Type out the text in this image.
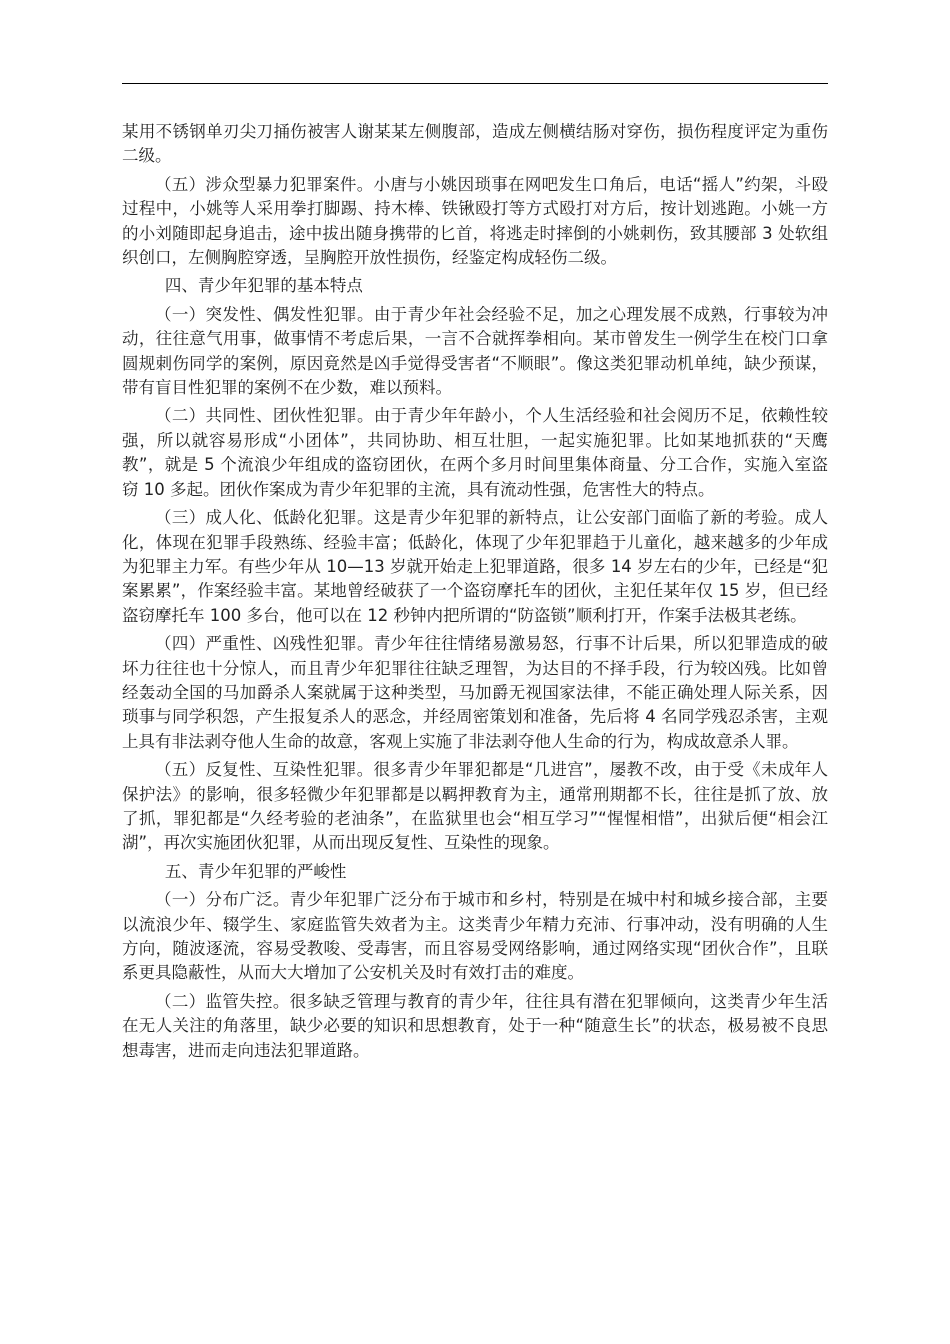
某用不锈钢单刃尖刀捅伤被害人谢某某左侧腹部，造成左侧横结肠对穿伤，损伤程度评定为重伤二级。

（五）涉众型暴力犯罪案件。小唐与小姚因琐事在网吧发生口角后，电话“摇人”约架，斗殴过程中，小姚等人采用拳打脚踢、持木棒、铁锹殴打等方式殴打对方后，按计划逃跑。小姚一方的小刘随即起身追击，途中拔出随身携带的匕首，将逃走时摔倒的小姚刺伤，致其腰部 3 处软组织创口，左侧胸腔穿透，呈胸腔开放性损伤，经鉴定构成轻伤二级。

四、青少年犯罪的基本特点

（一）突发性、偶发性犯罪。由于青少年社会经验不足，加之心理发展不成熟，行事较为冲动，往往意气用事，做事情不考虑后果，一言不合就挥拳相向。某市曾发生一例学生在校门口拿圆规刺伤同学的案例，原因竟然是凶手觉得受害者“不顺眼”。像这类犯罪动机单纯，缺少预谋，带有盲目性犯罪的案例不在少数，难以预料。

（二）共同性、团伙性犯罪。由于青少年年龄小，个人生活经验和社会阅历不足，依赖性较强，所以就容易形成“小团体”，共同协助、相互壮胆，一起实施犯罪。比如某地抓获的“天鹰教”，就是 5 个流浪少年组成的盗窃团伙，在两个多月时间里集体商量、分工合作，实施入室盗窃 10 多起。团伙作案成为青少年犯罪的主流，具有流动性强，危害性大的特点。

（三）成人化、低龄化犯罪。这是青少年犯罪的新特点，让公安部门面临了新的考验。成人化，体现在犯罪手段熟练、经验丰富；低龄化，体现了少年犯罪趋于儿童化，越来越多的少年成为犯罪主力军。有些少年从 10—13 岁就开始走上犯罪道路，很多 14 岁左右的少年，已经是“犯案累累”，作案经验丰富。某地曾经破获了一个盗窃摩托车的团伙，主犯任某年仅 15 岁，但已经盗窃摩托车 100 多台，他可以在 12 秒钟内把所谓的“防盗锁”顺利打开，作案手法极其老练。

（四）严重性、凶残性犯罪。青少年往往情绪易激易怒，行事不计后果，所以犯罪造成的破坏力往往也十分惊人，而且青少年犯罪往往缺乏理智，为达目的不择手段，行为较凶残。比如曾经轰动全国的马加爵杀人案就属于这种类型，马加爵无视国家法律，不能正确处理人际关系，因琐事与同学积怨，产生报复杀人的恶念，并经周密策划和准备，先后将 4 名同学残忍杀害，主观上具有非法剥夺他人生命的故意，客观上实施了非法剥夺他人生命的行为，构成故意杀人罪。

（五）反复性、互染性犯罪。很多青少年罪犯都是“几进宫”，屡教不改，由于受《未成年人保护法》的影响，很多轻微少年犯罪都是以羁押教育为主，通常刑期都不长，往往是抓了放、放了抓，罪犯都是“久经考验的老油条”，在监狱里也会“相互学习”“惺惺相惜”，出狱后便“相会江湖”，再次实施团伙犯罪，从而出现反复性、互染性的现象。

五、青少年犯罪的严峻性

（一）分布广泛。青少年犯罪广泛分布于城市和乡村，特别是在城中村和城乡接合部，主要以流浪少年、辍学生、家庭监管失效者为主。这类青少年精力充沛、行事冲动，没有明确的人生方向，随波逐流，容易受教唆、受毒害，而且容易受网络影响，通过网络实现“团伙合作”，且联系更具隐蔽性，从而大大增加了公安机关及时有效打击的难度。

（二）监管失控。很多缺乏管理与教育的青少年，往往具有潜在犯罪倾向，这类青少年生活在无人关注的角落里，缺少必要的知识和思想教育，处于一种“随意生长”的状态，极易被不良思想毒害，进而走向违法犯罪道路。
